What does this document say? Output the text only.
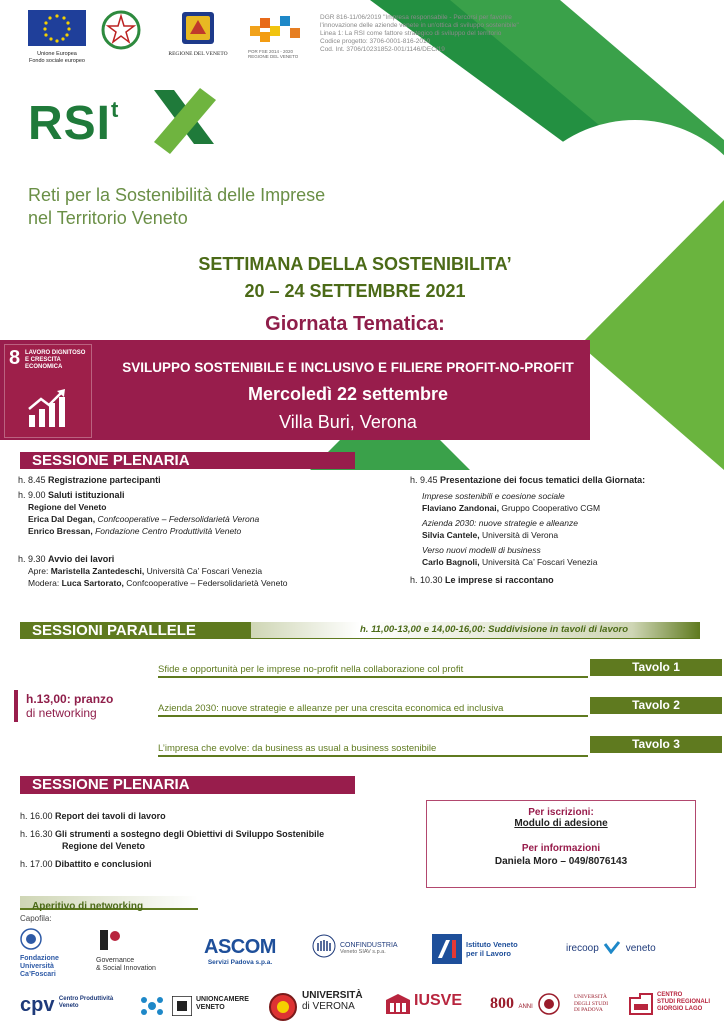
Unione Europea
Fondo sociale europeo
REGIONE DEL VENETO	POR FSE 2014 - 2020
REGIONE DEL VENETO
DGR 816-11/06/2019 "Impresa responsabile - Percorsi per favorire
l'innovazione delle aziende venete in un'ottica di sviluppo sostenibile"
Linea 1: La RSI come fattore strategico di sviluppo del territorio
Codice progetto: 3706-0001-816-2019
Cod. Int. 3706/10231852-001/1146/DEC/19
RSI$^t$
Reti per la Sostenibilità delle Imprese
nel Territorio Veneto
SETTIMANA DELLA SOSTENIBILITA’
20 – 24 SETTEMBRE 2021
Giornata Tematica:
8 LAVORO DIGNITOSO
E CRESCITA
ECONOMICA	SVILUPPO SOSTENIBILE E INCLUSIVO E FILIERE PROFIT-NO-PROFIT
Mercoledì 22 settembre
Villa Buri, Verona
SESSIONE PLENARIA
h. 8.45 Registrazione partecipanti
h. 9.00 Saluti istituzionali
Regione del Veneto
Erica Dal Degan, Confcooperative – Federsolidarietà Verona
Enrico Bressan, Fondazione Centro Produttività Veneto
h. 9.30 Avvio dei lavori
Apre: Maristella Zantedeschi, Università Ca’ Foscari Venezia
Modera: Luca Sartorato, Confcooperative – Federsolidarietà Veneto
h. 9.45 Presentazione dei focus tematici della Giornata:
Imprese sostenibili e coesione sociale
Flaviano Zandonai, Gruppo Cooperativo CGM
Azienda 2030: nuove strategie e alleanze
Silvia Cantele, Università di Verona
Verso nuovi modelli di business
Carlo Bagnoli, Università Ca’ Foscari Venezia
h. 10.30 Le imprese si raccontano
SESSIONI PARALLELE	h. 11,00-13,00 e 14,00-16,00: Suddivisione in tavoli di lavoro
h.13,00: pranzo
di networking
Sfide e opportunità per le imprese no-profit nella collaborazione col profit	Tavolo 1
Azienda 2030: nuove strategie e alleanze per una crescita economica ed inclusiva	Tavolo 2
L’impresa che evolve: da business as usual a business sostenibile	Tavolo 3
SESSIONE PLENARIA
h. 16.00 Report dei tavoli di lavoro
h. 16.30 Gli strumenti a sostegno degli Obiettivi di Sviluppo Sostenibile
Regione del Veneto
h. 17.00 Dibattito e conclusioni
Per iscrizioni:
Modulo di adesione
Per informazioni
Daniela Moro – 049/8076143
Aperitivo di networking
Capofila:
Fondazione
Università
Ca’Foscari
Governance
& Social Innovation
ASCOM
Servizi Padova s.p.a.
CONFINDUSTRIA
Veneto SIAV s.p.a.
Istituto Veneto
per il Lavoro	irecoop	veneto
cpv Centro Produttività
Veneto
UNIONCAMERE
VENETO
UNIVERSITÀ
di VERONA	IUSVE	800 ANNI
UNIVERSITÀ
DEGLI STUDI
DI PADOVA
CENTRO
STUDI REGIONALI
GIORGIO LAGO
